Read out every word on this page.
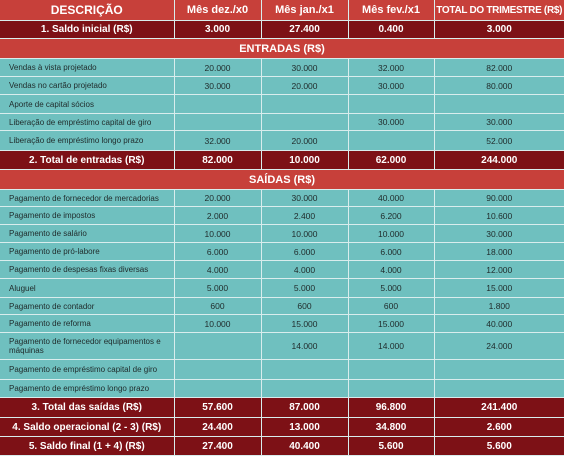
DESCRIÇÃO	Mês dez./x0	Mês jan./x1	Mês fev./x1	TOTAL DO TRIMESTRE (R$)
1. Saldo inicial (R$)	3.000	27.400	0.400	3.000
ENTRADAS (R$)				
Vendas à vista projetado	20.000	30.000	32.000	82.000
Vendas no cartão projetado	30.000	20.000	30.000	80.000
Aporte de capital sócios				
Liberação de empréstimo capital de giro			30.000	30.000
Liberação de empréstimo longo prazo	32.000	20.000		52.000
2. Total de entradas (R$)	82.000	10.000	62.000	244.000
SAÍDAS (R$)				
Pagamento de fornecedor de mercadorias	20.000	30.000	40.000	90.000
Pagamento de impostos	2.000	2.400	6.200	10.600
Pagamento de salário	10.000	10.000	10.000	30.000
Pagamento de pró-labore	6.000	6.000	6.000	18.000
Pagamento de despesas fixas diversas	4.000	4.000	4.000	12.000
Aluguel	5.000	5.000	5.000	15.000
Pagamento de contador	600	600	600	1.800
Pagamento de reforma	10.000	15.000	15.000	40.000
Pagamento de fornecedor equipamentos e máquinas		14.000	14.000	24.000
Pagamento de empréstimo capital de giro				
Pagamento de empréstimo longo prazo				
3. Total das saídas (R$)	57.600	87.000	96.800	241.400
4. Saldo operacional (2 - 3) (R$)	24.400	13.000	34.800	2.600
5. Saldo final (1 + 4) (R$)	27.400	40.400	5.600	5.600
